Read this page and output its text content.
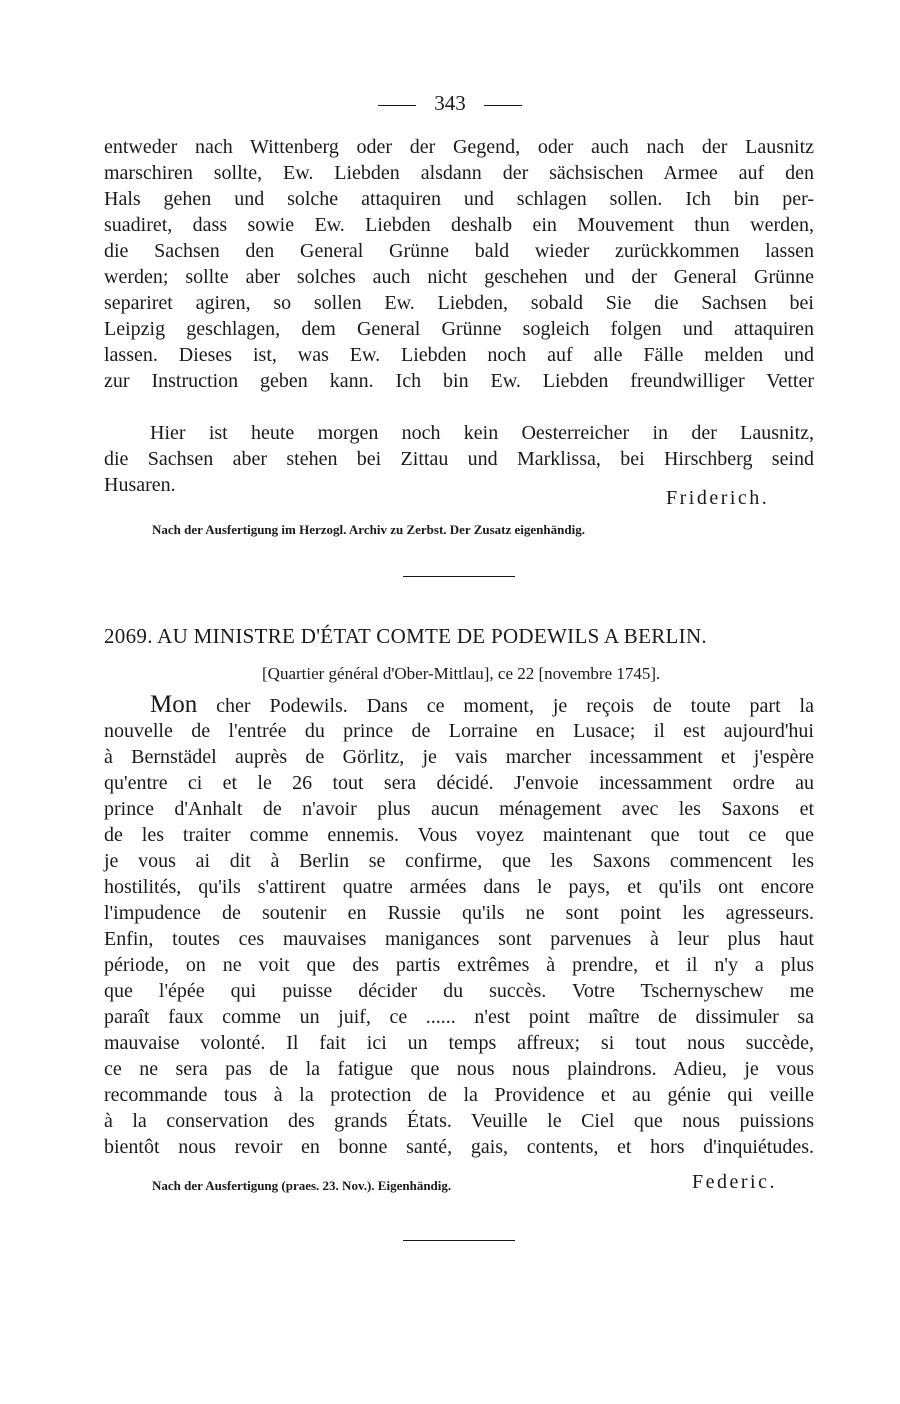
343
entweder nach Wittenberg oder der Gegend, oder auch nach der Lausnitz
marschiren sollte, Ew. Liebden alsdann der sächsischen Armee auf den
Hals gehen und solche attaquiren und schlagen sollen. Ich bin per-
suadiret, dass sowie Ew. Liebden deshalb ein Mouvement thun werden,
die Sachsen den General Grünne bald wieder zurückkommen lassen
werden; sollte aber solches auch nicht geschehen und der General Grünne
separiret agiren, so sollen Ew. Liebden, sobald Sie die Sachsen bei
Leipzig geschlagen, dem General Grünne sogleich folgen und attaquiren
lassen. Dieses ist, was Ew. Liebden noch auf alle Fälle melden und
zur Instruction geben kann. Ich bin Ew. Liebden freundwilliger Vetter
Hier ist heute morgen noch kein Oesterreicher in der Lausnitz,
die Sachsen aber stehen bei Zittau und Marklissa, bei Hirschberg seind
Husaren.
Friderich.
Nach der Ausfertigung im Herzogl. Archiv zu Zerbst. Der Zusatz eigenhändig.
2069. AU MINISTRE D'ÉTAT COMTE DE PODEWILS A BERLIN.
[Quartier général d'Ober-Mittlau], ce 22 [novembre 1745].
Mon cher Podewils. Dans ce moment, je reçois de toute part la
nouvelle de l'entrée du prince de Lorraine en Lusace; il est aujourd'hui
à Bernstädel auprès de Görlitz, je vais marcher incessamment et j'espère
qu'entre ci et le 26 tout sera décidé. J'envoie incessamment ordre au
prince d'Anhalt de n'avoir plus aucun ménagement avec les Saxons et
de les traiter comme ennemis. Vous voyez maintenant que tout ce que
je vous ai dit à Berlin se confirme, que les Saxons commencent les
hostilités, qu'ils s'attirent quatre armées dans le pays, et qu'ils ont encore
l'impudence de soutenir en Russie qu'ils ne sont point les agresseurs.
Enfin, toutes ces mauvaises manigances sont parvenues à leur plus haut
période, on ne voit que des partis extrêmes à prendre, et il n'y a plus
que l'épée qui puisse décider du succès. Votre Tschernyschew me
paraît faux comme un juif, ce ...... n'est point maître de dissimuler sa
mauvaise volonté. Il fait ici un temps affreux; si tout nous succède,
ce ne sera pas de la fatigue que nous nous plaindrons. Adieu, je vous
recommande tous à la protection de la Providence et au génie qui veille
à la conservation des grands États. Veuille le Ciel que nous puissions
bientôt nous revoir en bonne santé, gais, contents, et hors d'inquiétudes.
Nach der Ausfertigung (praes. 23. Nov.). Eigenhändig.	Federic.
